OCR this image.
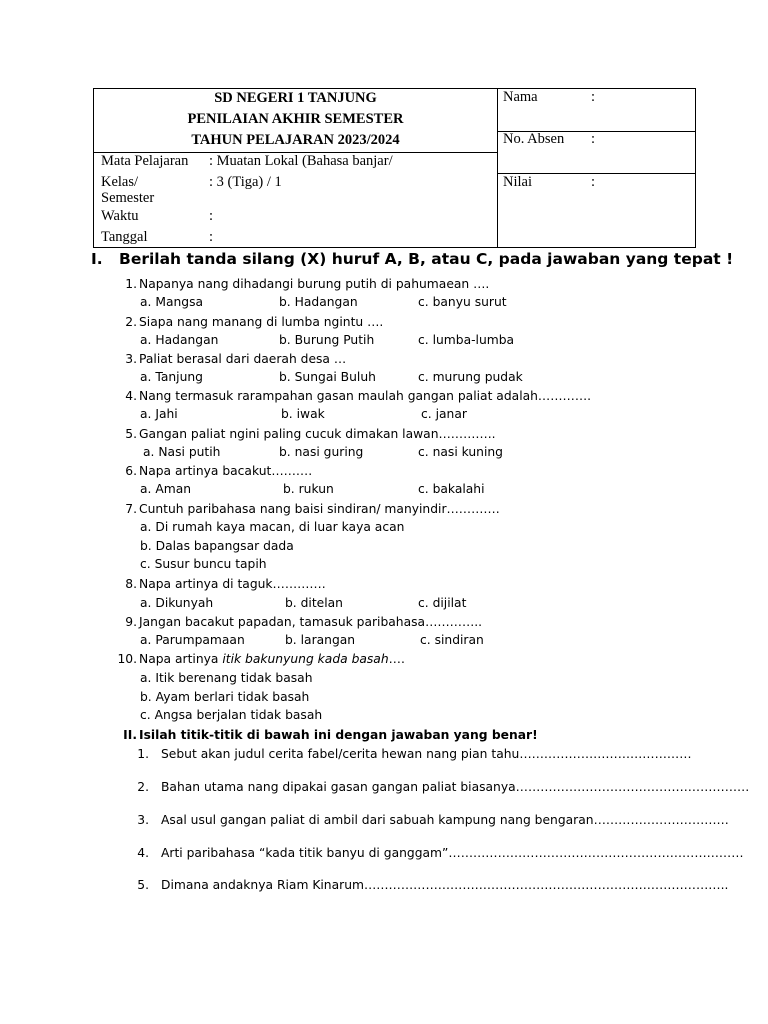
SD NEGERI 1 TANJUNG
PENILAIAN AKHIR SEMESTER
TAHUN PELAJARAN 2023/2024
Mata Pelajaran : Muatan Lokal (Bahasa banjar/
Kelas/
Semester
: 3 (Tiga) / 1
Waktu	:
Tanggal	:
Nama	:
No. Absen :
Nilai	:
I. Berilah tanda silang (X) huruf A, B, atau C, pada jawaban yang tepat !
1. Napanya nang dihadangi burung putih di pahumaean ….
a. Mangsa	b. Hadangan	c. banyu surut
2. Siapa nang manang di lumba ngintu ….
a. Hadangan	b. Burung Putih	c. lumba-lumba
3. Paliat berasal dari daerah desa …
a. Tanjung	b. Sungai Buluh	c. murung pudak
4. Nang termasuk rarampahan gasan maulah gangan paliat adalah………….
a. Jahi	b. iwak	c. janar
5. Gangan paliat ngini paling cucuk dimakan lawan…………..
a. Nasi putih	b. nasi guring	c. nasi kuning
6. Napa artinya bacakut……….
a. Aman	b. rukun	c. bakalahi
7. Cuntuh paribahasa nang baisi sindiran/ manyindir………….
a. Di rumah kaya macan, di luar kaya acan
b. Dalas bapangsar dada
c. Susur buncu tapih
8. Napa artinya di taguk………….
a. Dikunyah	b. ditelan	c. dijilat
9. Jangan bacakut papadan, tamasuk paribahasa…………..
a. Parumpamaan	b. larangan	c. sindiran
10. Napa artinya itik bakunyung kada basah….
a. Itik berenang tidak basah
b. Ayam berlari tidak basah
c. Angsa berjalan tidak basah
II. Isilah titik-titik di bawah ini dengan jawaban yang benar!
1. Sebut akan judul cerita fabel/cerita hewan nang pian tahu……………………………………
2. Bahan utama nang dipakai gasan gangan paliat biasanya…………………………………………………
3. Asal usul gangan paliat di ambil dari sabuah kampung nang bengaran……………………………
4. Arti paribahasa “kada titik banyu di ganggam”………………………………………………………………
5. Dimana andaknya Riam Kinarum……………………………………………………………………………..
